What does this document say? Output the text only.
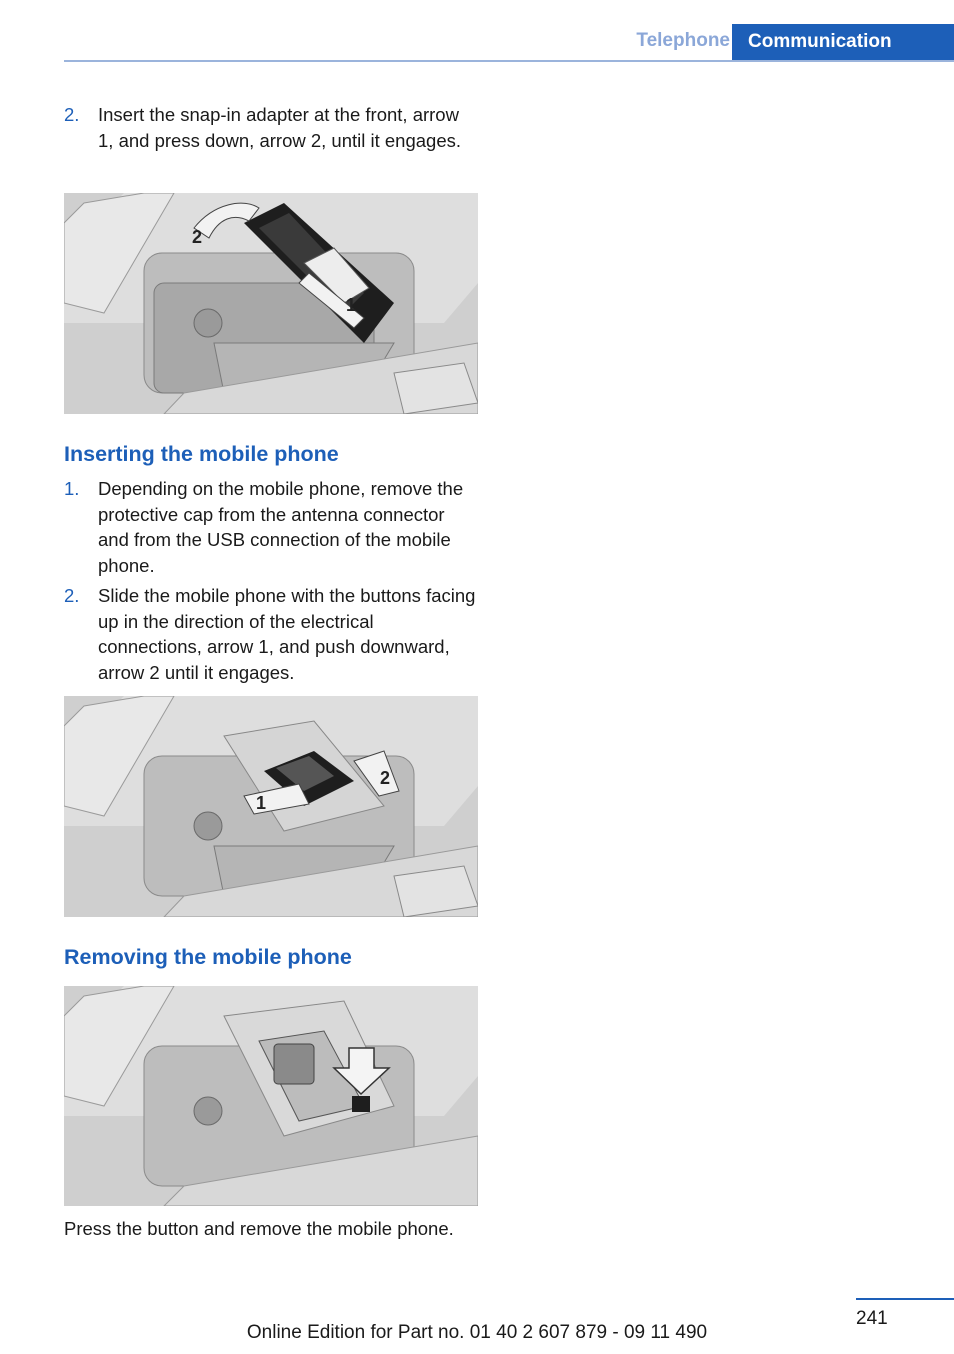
Telephone Communication
2. Insert the snap-in adapter at the front, arrow 1, and press down, arrow 2, until it engages.
1
2
Inserting the mobile phone
1. Depending on the mobile phone, remove the protective cap from the antenna connector and from the USB connection of the mobile phone.
2. Slide the mobile phone with the buttons facing up in the direction of the electrical connections, arrow 1, and push downward, arrow 2 until it engages.
1
2
Removing the mobile phone
Press the button and remove the mobile phone.
241
Online Edition for Part no. 01 40 2 607 879 - 09 11 490
